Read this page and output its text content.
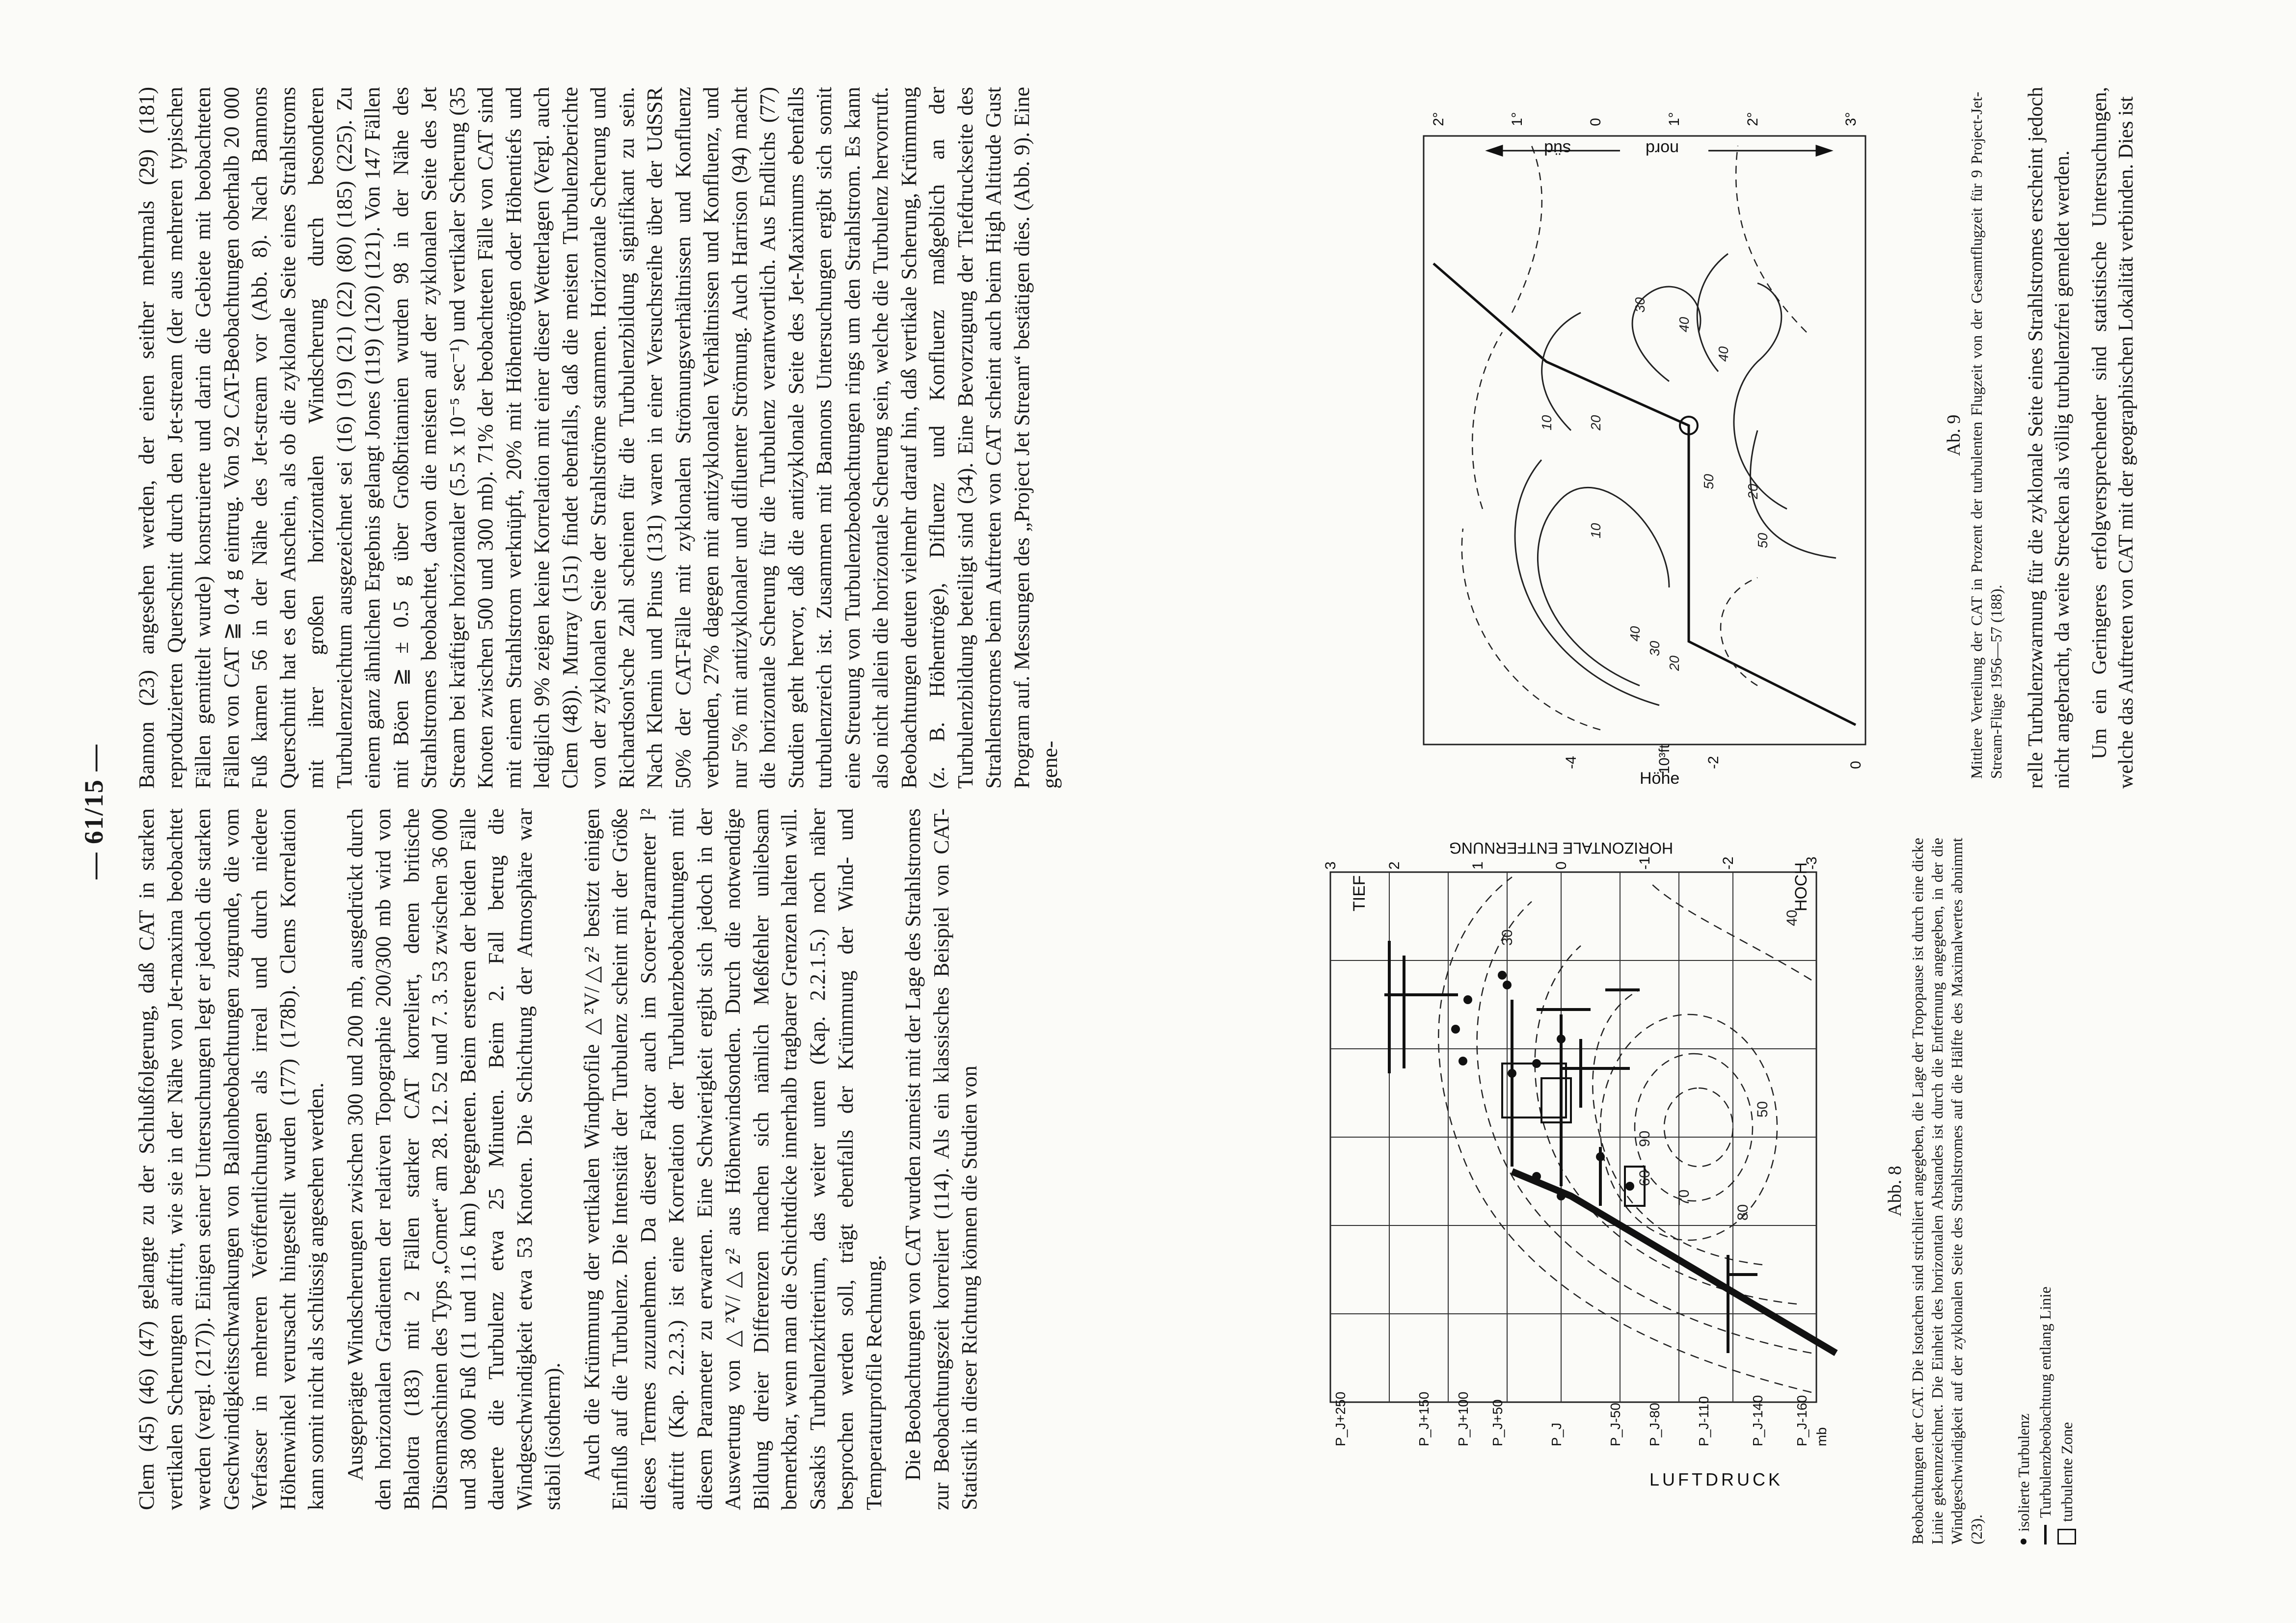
— 61/15 — Clem (45) (46) (47) gelangte zu der Schlußfolgerung, daß CAT in starken vertikalen Scherungen auftritt, wie sie in der Nähe von Jet-maxima beobachtet werden (vergl. (217)). Einigen seiner Untersuchungen legt er jedoch die starken Geschwindigkeitsschwankungen von Ballonbeobachtungen zugrunde, die vom Verfasser in mehreren Veröffentlichungen als irreal und durch niedere Höhenwinkel verursacht hingestellt wurden (177) (178b). Clems Korrelation kann somit nicht als schlüssig angesehen werden. Ausgeprägte Windscherungen zwischen 300 und 200 mb, ausgedrückt durch den horizontalen Gradienten der relativen Topographie 200/300 mb wird von Bhalotra (183) mit 2 Fällen starker CAT korreliert, denen britische Düsenmaschinen des Typs „Comet“ am 28. 12. 52 und 7. 3. 53 zwischen 36 000 und 38 000 Fuß (11 und 11.6 km) begegneten. Beim ersteren der beiden Fälle dauerte die Turbulenz etwa 25 Minuten. Beim 2. Fall betrug die Windgeschwindigkeit etwa 53 Knoten. Die Schichtung der Atmosphäre war stabil (isotherm). Auch die Krümmung der vertikalen Windprofile △²V/△z² besitzt einigen Einfluß auf die Turbulenz. Die Intensität der Turbulenz scheint mit der Größe dieses Termes zuzunehmen. Da dieser Faktor auch im Scorer-Parameter l² auftritt (Kap. 2.2.3.) ist eine Korrelation der Turbulenzbeobachtungen mit diesem Parameter zu erwarten. Eine Schwierigkeit ergibt sich jedoch in der Auswertung von △²V/△z² aus Höhenwindsonden. Durch die notwendige Bildung dreier Differenzen machen sich nämlich Meßfehler unliebsam bemerkbar, wenn man die Schichtdicke innerhalb tragbarer Grenzen halten will. Sasakis Turbulenzkriterium, das weiter unten (Kap. 2.2.1.5.) noch näher besprochen werden soll, trägt ebenfalls der Krümmung der Wind- und Temperaturprofile Rechnung. Die Beobachtungen von CAT wurden zumeist mit der Lage des Strahlstromes zur Beobachtungszeit korreliert (114). Als ein klassisches Beispiel von CAT-Statistik in dieser Richtung können die Studien von

Bannon (23) angesehen werden, der einen seither mehrmals (29) (181) reproduzierten Querschnitt durch den Jet-stream (der aus mehreren typischen Fällen gemittelt wurde) konstruierte und darin die Gebiete mit beobachteten Fällen von CAT ≧ 0.4 g eintrug. Von 92 CAT-Beobachtungen oberhalb 20 000 Fuß kamen 56 in der Nähe des Jet-stream vor (Abb. 8). Nach Bannons Querschnitt hat es den Anschein, als ob die zyklonale Seite eines Strahlstroms mit ihrer großen horizontalen Windscherung durch besonderen Turbulenzreichtum ausgezeichnet sei (16) (19) (21) (22) (80) (185) (225). Zu einem ganz ähnlichen Ergebnis gelangt Jones (119) (120) (121). Von 147 Fällen mit Böen ≧ ± 0.5 g über Großbritannien wurden 98 in der Nähe des Strahlstromes beobachtet, davon die meisten auf der zyklonalen Seite des Jet Stream bei kräftiger horizontaler (5.5 x 10⁻⁵ sec⁻¹) und vertikaler Scherung (35 Knoten zwischen 500 und 300 mb). 71% der beobachteten Fälle von CAT sind mit einem Strahlstrom verknüpft, 20% mit Höhentrögen oder Höhentiefs und lediglich 9% zeigen keine Korrelation mit einer dieser Wetterlagen (Vergl. auch Clem (48)). Murray (151) findet ebenfalls, daß die meisten Turbulenzberichte von der zyklonalen Seite der Strahlströme stammen. Horizontale Scherung und Richardson'sche Zahl scheinen für die Turbulenzbildung signifikant zu sein. Nach Klemin und Pinus (131) waren in einer Versuchsreihe über der UdSSR 50% der CAT-Fälle mit zyklonalen Strömungsverhältnissen und Konfluenz verbunden, 27% dagegen mit antizyklonalen Verhältnissen und Konfluenz, und nur 5% mit antizyklonaler und difluenter Strömung. Auch Harrison (94) macht die horizontale Scherung für die Turbulenz verantwortlich. Aus Endlichs (77) Studien geht hervor, daß die antizyklonale Seite des Jet-Maximums ebenfalls turbulenzreich ist. Zusammen mit Bannons Untersuchungen ergibt sich somit eine Streuung von Turbulenzbeobachtungen rings um den Strahlstrom. Es kann also nicht allein die horizontale Scherung sein, welche die Turbulenz hervorruft. Beobachtungen deuten vielmehr darauf hin, daß vertikale Scherung, Krümmung (z. B. Höhentröge), Difluenz und Konfluenz maßgeblich an der Turbulenzbildung beteiligt sind (34). Eine Bevorzugung der Tiefdruckseite des Strahlenstromes beim Auftreten von CAT scheint auch beim High Altitude Gust Program auf. Messungen des „Project Jet Stream“ bestätigen dies. (Abb. 9). Eine gene-

90
80
70
60
50
40
30
HOCH
TIEF
mb
P_J-160
P_J-140
P_J-110
P_J-80
P_J-50
P_J
P_J+50
P_J+100
P_J+150
P_J+250
LUFTDRUCK
-3
-2
-1
0
1
2
3
HORIZONTALE ENTFERNUNG
Abb. 8 Beobachtungen der CAT. Die Isotachen sind strichliert angegeben, die Lage der Tropopause ist durch eine dicke Linie gekennzeichnet. Die Einheit des horizontalen Abstandes ist durch die Entfernung angegeben, in der die Windgeschwindigkeit auf der zyklonalen Seite des Strahlstromes auf die Hälfte des Maximalwertes abnimmt (23). isolierte Turbulenz Turbulenzbeobachtung entlang Linie turbulente Zone
20
30
40
10
20
40
50
20
10
30
40
50
0
-2
-4	10³ft
Höhe
3°
2°
1°
0
1°
2°
nord
süd
Ab. 9 Mittlere Verteilung der CAT in Prozent der turbulenten Flugzeit von der Gesamtflugzeit für 9 Project-Jet-Stream-Flüge 1956—57 (188). relle Turbulenzwarnung für die zyklonale Seite eines Strahlstromes erscheint jedoch nicht angebracht, da weite Strecken als völlig turbulenzfrei gemeldet werden. Um ein Geringeres erfolgversprechender sind statistische Untersuchungen, welche das Auftreten von CAT mit der geographischen Lokalität verbinden. Dies ist
